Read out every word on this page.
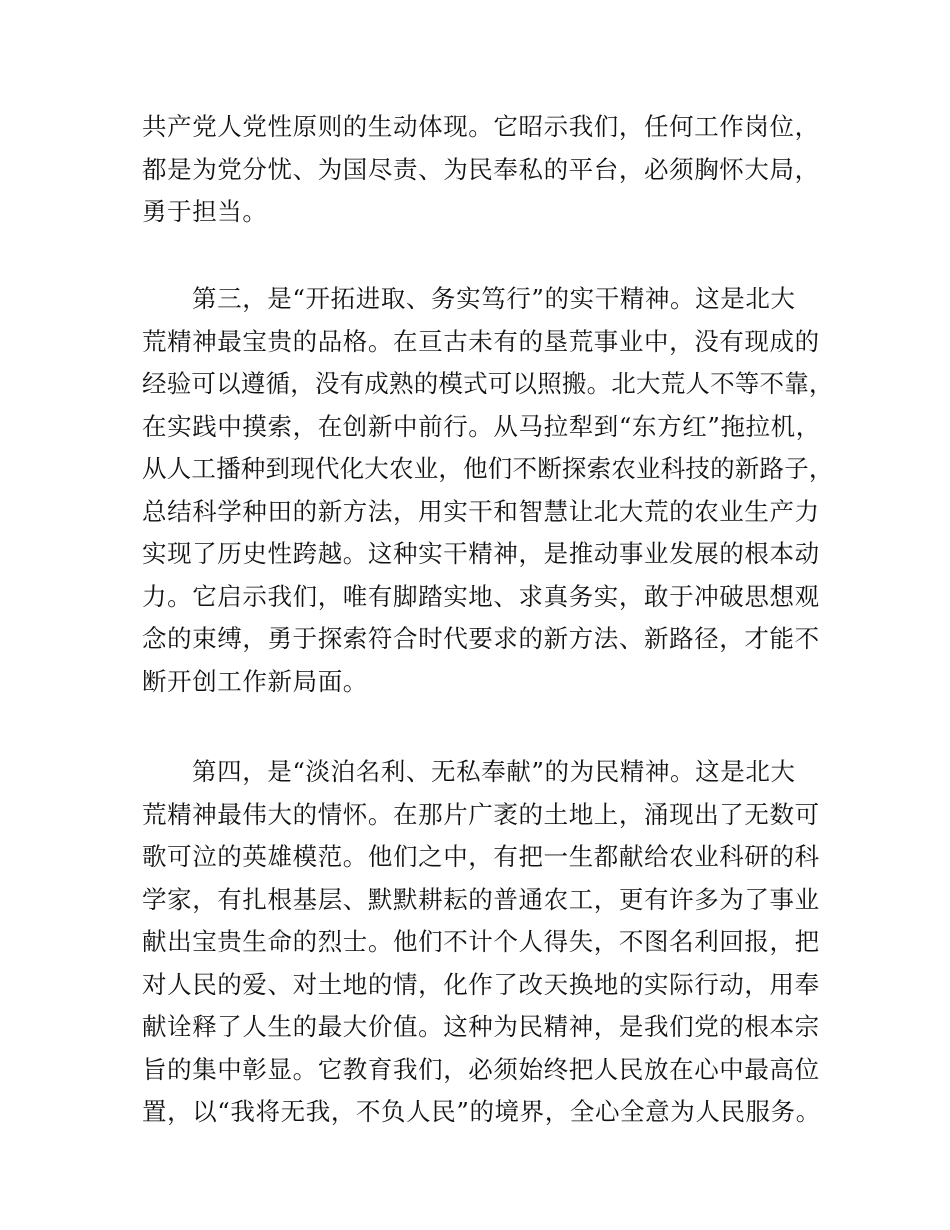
共产党人党性原则的生动体现。它昭示我们，任何工作岗位，
都是为党分忧、为国尽责、为民奉私的平台，必须胸怀大局，
勇于担当。
第三，是“开拓进取、务实笃行”的实干精神。这是北大
荒精神最宝贵的品格。在亘古未有的垦荒事业中，没有现成的
经验可以遵循，没有成熟的模式可以照搬。北大荒人不等不靠，
在实践中摸索，在创新中前行。从马拉犁到“东方红”拖拉机，
从人工播种到现代化大农业，他们不断探索农业科技的新路子，
总结科学种田的新方法，用实干和智慧让北大荒的农业生产力
实现了历史性跨越。这种实干精神，是推动事业发展的根本动
力。它启示我们，唯有脚踏实地、求真务实，敢于冲破思想观
念的束缚，勇于探索符合时代要求的新方法、新路径，才能不
断开创工作新局面。
第四，是“淡泊名利、无私奉献”的为民精神。这是北大
荒精神最伟大的情怀。在那片广袤的土地上，涌现出了无数可
歌可泣的英雄模范。他们之中，有把一生都献给农业科研的科
学家，有扎根基层、默默耕耘的普通农工，更有许多为了事业
献出宝贵生命的烈士。他们不计个人得失，不图名利回报，把
对人民的爱、对土地的情，化作了改天换地的实际行动，用奉
献诠释了人生的最大价值。这种为民精神，是我们党的根本宗
旨的集中彰显。它教育我们，必须始终把人民放在心中最高位
置，以“我将无我，不负人民”的境界，全心全意为人民服务。
